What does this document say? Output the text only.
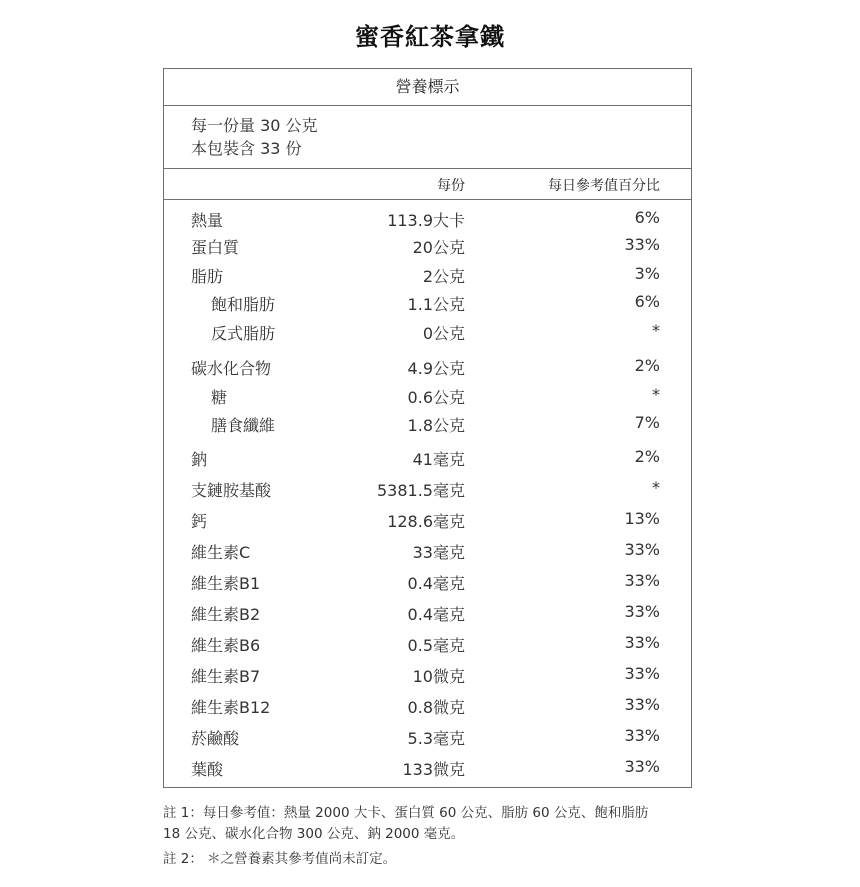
蜜香紅茶拿鐵
營養標示
每一份量 30 公克
本包裝含 33 份
每份	每日參考值百分比
熱量	113.9大卡	6%
蛋白質	20公克	33%
脂肪	2公克	3%
飽和脂肪	1.1公克	6%
反式脂肪	0公克	*
碳水化合物	4.9公克	2%
糖	0.6公克	*
膳食纖維	1.8公克	7%
鈉	41毫克	2%
支鏈胺基酸	5381.5毫克	*
鈣	128.6毫克	13%
維生素C	33毫克	33%
維生素B1	0.4毫克	33%
維生素B2	0.4毫克	33%
維生素B6	0.5毫克	33%
維生素B7	10微克	33%
維生素B12	0.8微克	33%
菸鹼酸	5.3毫克	33%
葉酸	133微克	33%
註 1：每日參考值：熱量 2000 大卡、蛋白質 60 公克、脂肪 60 公克、飽和脂肪
18 公克、碳水化合物 300 公克、鈉 2000 毫克。
註 2： ＊之營養素其參考值尚未訂定。
